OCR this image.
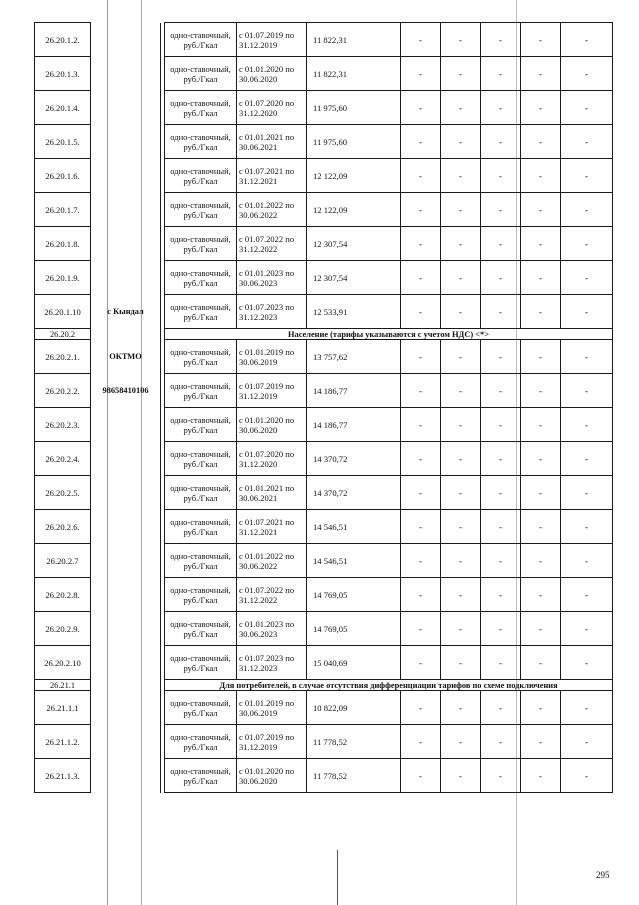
26.20.1.2.			одно-ставочный, руб./Гкал	с 01.07.2019 по 31.12.2019	11 822,31	-	-	-	-	-
26.20.1.3.			одно-ставочный, руб./Гкал	с 01.01.2020 по 30.06.2020	11 822,31	-	-	-	-	-
26.20.1.4.			одно-ставочный, руб./Гкал	с 01.07.2020 по 31.12.2020	11 975,60	-	-	-	-	-
26.20.1.5.			одно-ставочный, руб./Гкал	с 01.01.2021 по 30.06.2021	11 975,60	-	-	-	-	-
26.20.1.6.			одно-ставочный, руб./Гкал	с 01.07.2021 по 31.12.2021	12 122,09	-	-	-	-	-
26.20.1.7.			одно-ставочный, руб./Гкал	с 01.01.2022 по 30.06.2022	12 122,09	-	-	-	-	-
26.20.1.8.			одно-ставочный, руб./Гкал	с 01.07.2022 по 31.12.2022	12 307,54	-	-	-	-	-
26.20.1.9.			одно-ставочный, руб./Гкал	с 01.01.2023 по 30.06.2023	12 307,54	-	-	-	-	-
26.20.1.10	с Кындал		одно-ставочный, руб./Гкал	с 01.07.2023 по 31.12.2023	12 533,91	-	-	-	-	-
26.20.2			Население (тарифы указываются с учетом НДС) <*>							
26.20.2.1.	ОКТМО		одно-ставочный, руб./Гкал	с 01.01.2019 по 30.06.2019	13 757,62	-	-	-	-	-
26.20.2.2.	98658410106		одно-ставочный, руб./Гкал	с 01.07.2019 по 31.12.2019	14 186,77	-	-	-	-	-
26.20.2.3.			одно-ставочный, руб./Гкал	с 01.01.2020 по 30.06.2020	14 186,77	-	-	-	-	-
26.20.2.4.			одно-ставочный, руб./Гкал	с 01.07.2020 по 31.12.2020	14 370,72	-	-	-	-	-
26.20.2.5.			одно-ставочный, руб./Гкал	с 01.01.2021 по 30.06.2021	14 370,72	-	-	-	-	-
26.20.2.6.			одно-ставочный, руб./Гкал	с 01.07.2021 по 31.12.2021	14 546,51	-	-	-	-	-
26.20.2.7			одно-ставочный, руб./Гкал	с 01.01.2022 по 30.06.2022	14 546,51	-	-	-	-	-
26.20.2.8.			одно-ставочный, руб./Гкал	с 01.07.2022 по 31.12.2022	14 769,05	-	-	-	-	-
26.20.2.9.			одно-ставочный, руб./Гкал	с 01.01.2023 по 30.06.2023	14 769,05	-	-	-	-	-
26.20.2.10			одно-ставочный, руб./Гкал	с 01.07.2023 по 31.12.2023	15 040,69	-	-	-	-	-
26.21.1			Для потребителей, в случае отсутствия дифференциации тарифов по схеме подключения							
26.21.1.1			одно-ставочный, руб./Гкал	с 01.01.2019 по 30.06.2019	10 822,09	-	-	-	-	-
26.21.1.2.			одно-ставочный, руб./Гкал	с 01.07.2019 по 31.12.2019	11 778,52	-	-	-	-	-
26.21.1.3.			одно-ставочный, руб./Гкал	с 01.01.2020 по 30.06.2020	11 778,52	-	-	-	-	-
295
